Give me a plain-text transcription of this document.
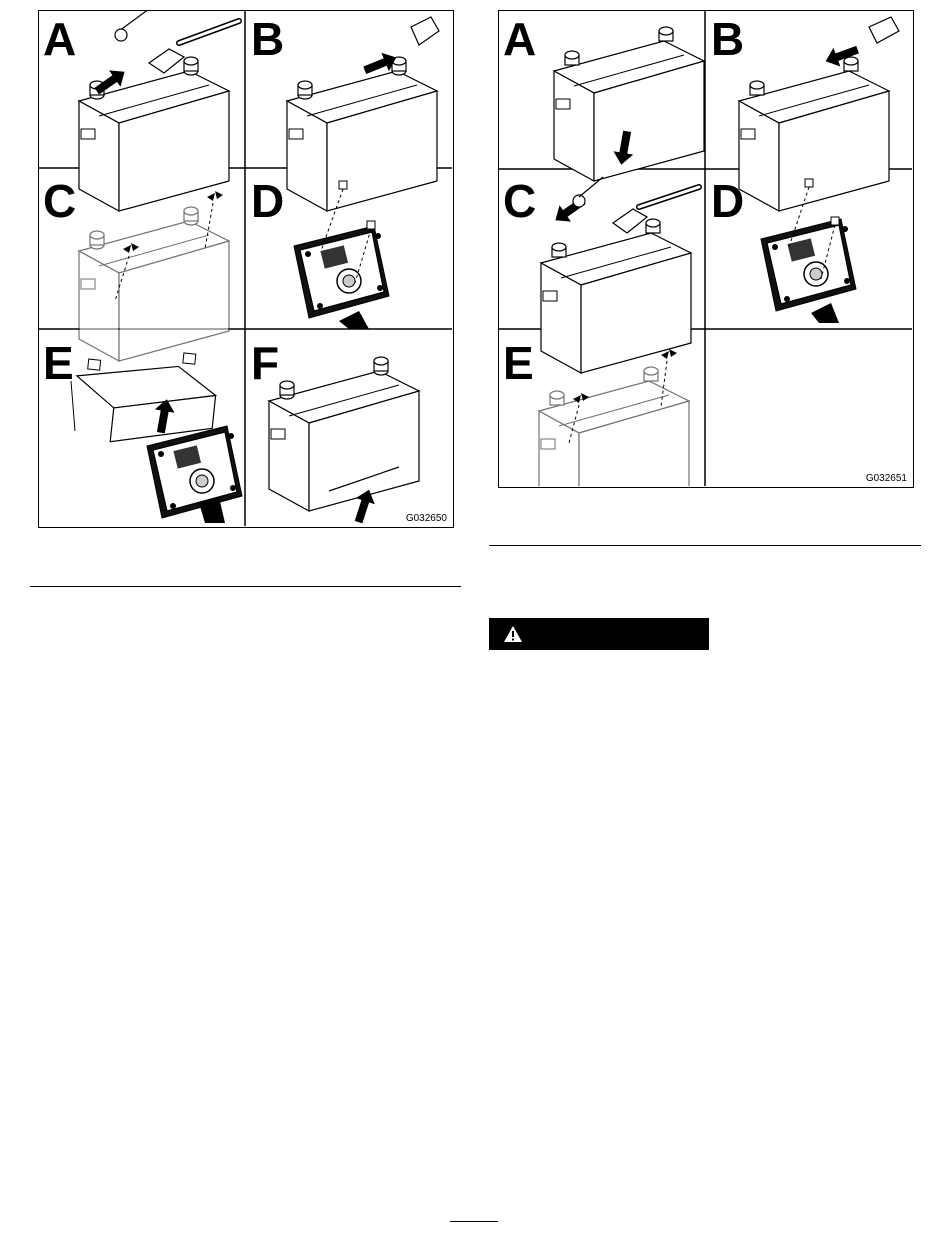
A	B
C	D
E	F
G032650
A	B
C	D
E
G032651
